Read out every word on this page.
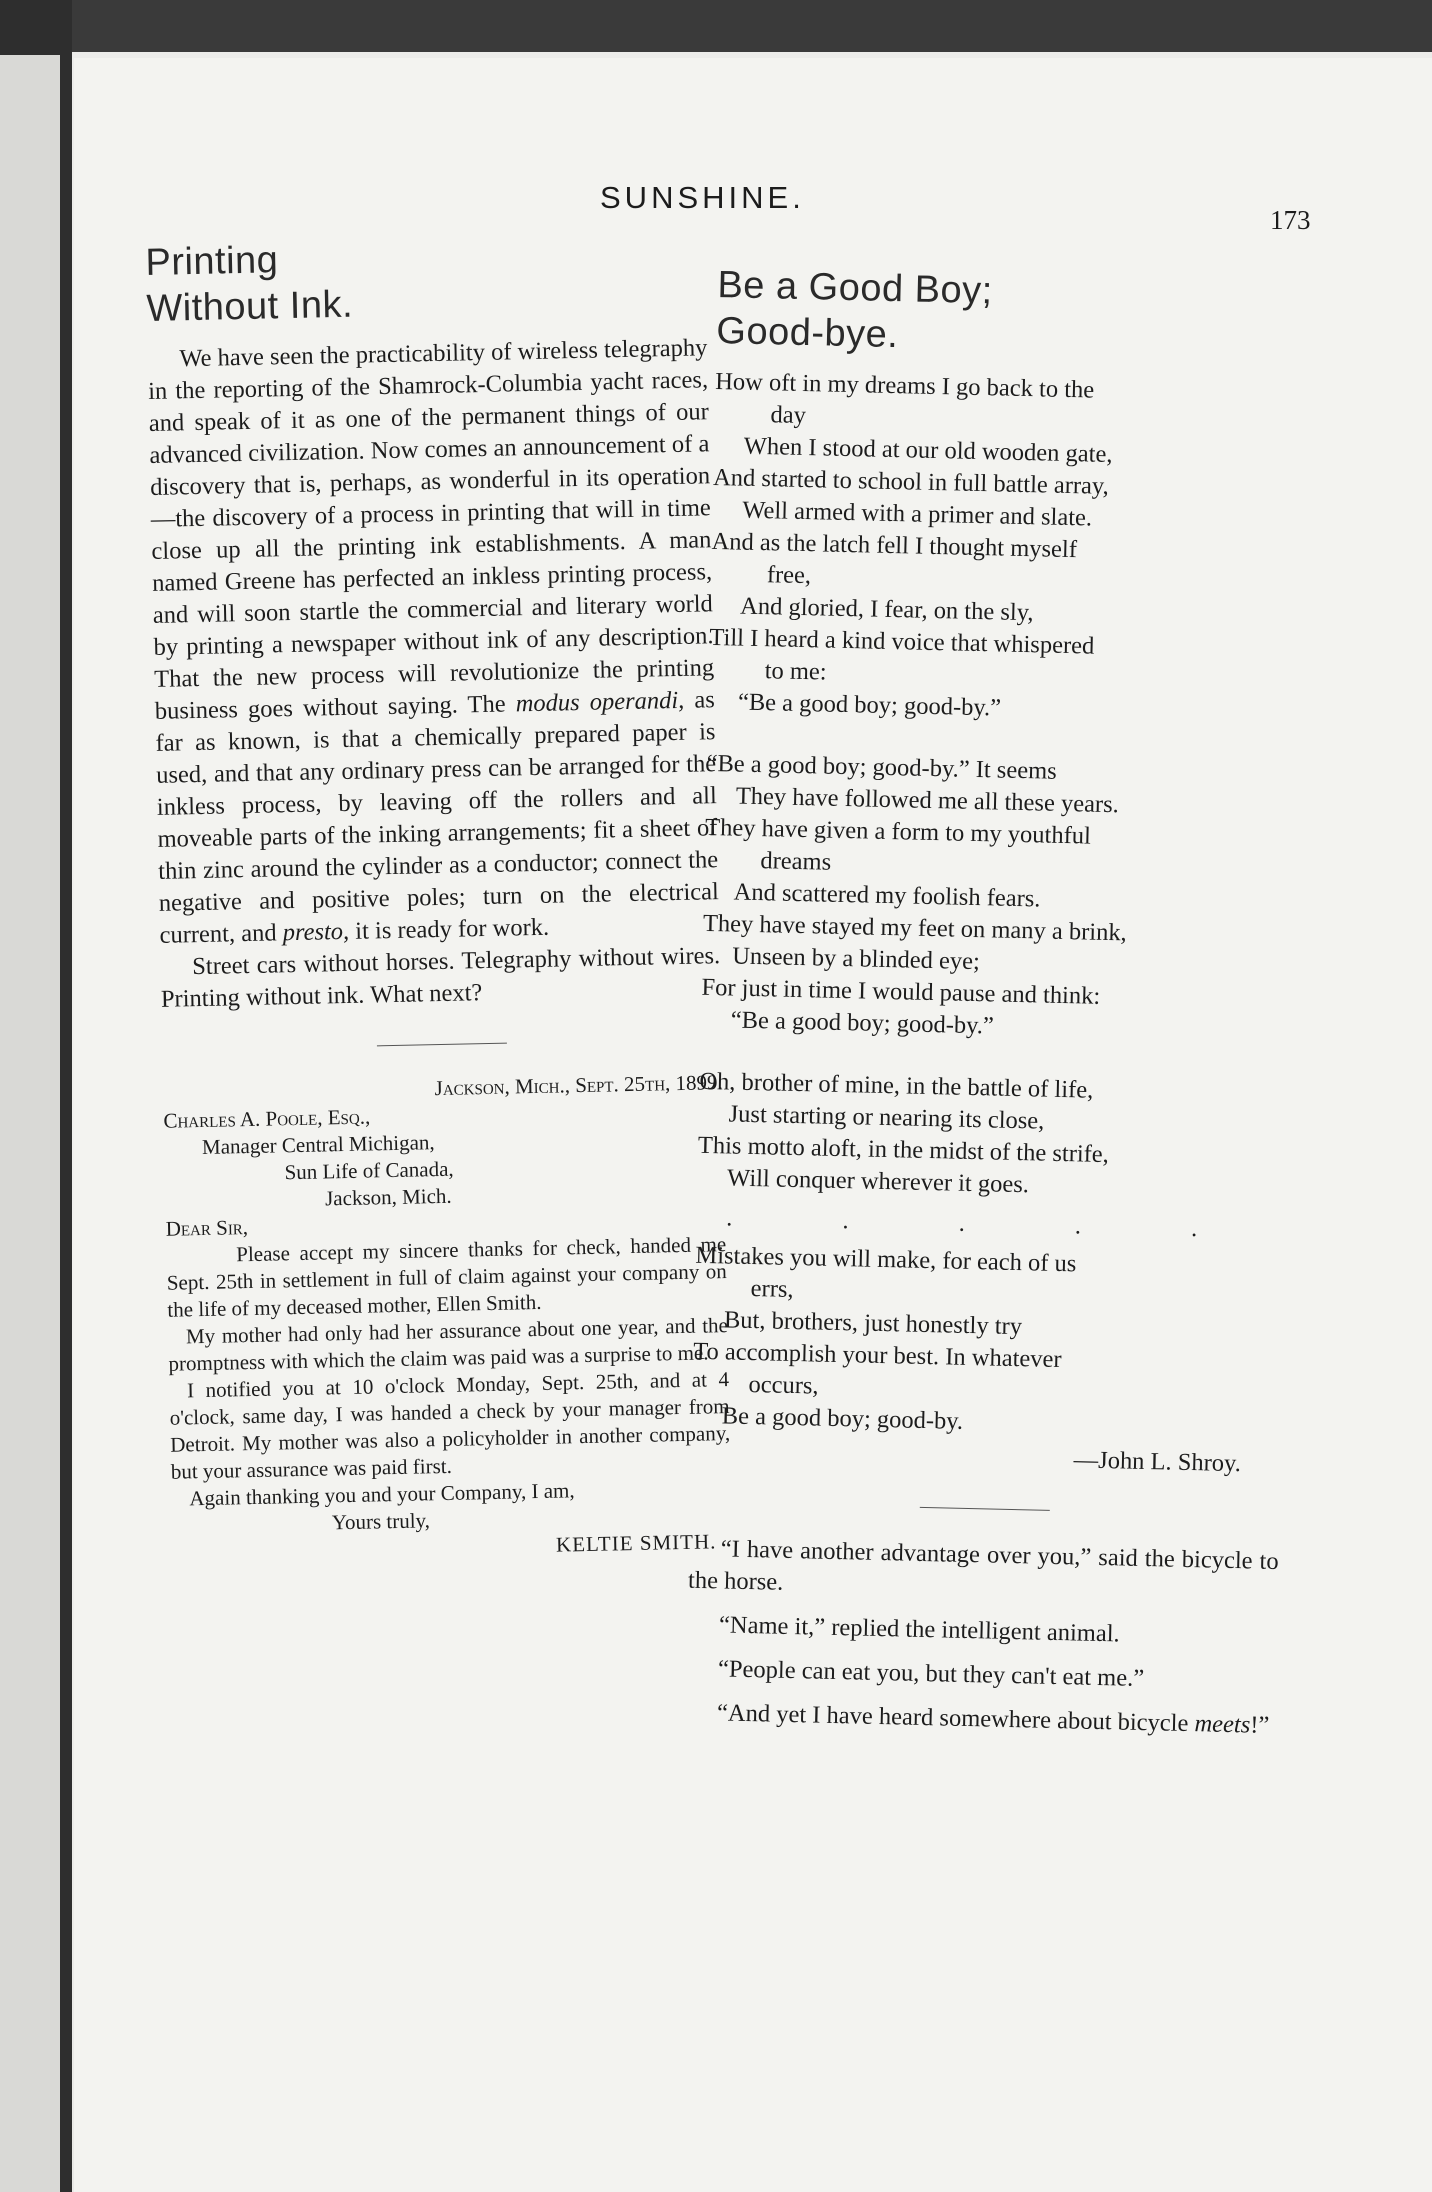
SUNSHINE.
173
Printing
Without Ink.

We have seen the practicability of wireless telegraphy in the reporting of the Shamrock-Columbia yacht races, and speak of it as one of the permanent things of our advanced civilization. Now comes an announcement of a discovery that is, perhaps, as wonderful in its operation—the discovery of a process in printing that will in time close up all the printing ink establishments. A man named Greene has perfected an inkless printing process, and will soon startle the commercial and literary world by printing a newspaper without ink of any description. That the new process will revolutionize the printing business goes without saying. The modus operandi, as far as known, is that a chemically prepared paper is used, and that any ordinary press can be arranged for the inkless process, by leaving off the rollers and all moveable parts of the inking arrangements; fit a sheet of thin zinc around the cylinder as a conductor; connect the negative and positive poles; turn on the electrical current, and presto, it is ready for work.

Street cars without horses. Telegraphy without wires. Printing without ink. What next?

Jackson, Mich., Sept. 25th, 1899.

Charles A. Poole, Esq.,

Manager Central Michigan,

Sun Life of Canada,

Jackson, Mich.

Dear Sir,

Please accept my sincere thanks for check, handed me Sept. 25th in settlement in full of claim against your company on the life of my deceased mother, Ellen Smith.

My mother had only had her assurance about one year, and the promptness with which the claim was paid was a surprise to me.

I notified you at 10 o'clock Monday, Sept. 25th, and at 4 o'clock, same day, I was handed a check by your manager from Detroit. My mother was also a policyholder in another company, but your assurance was paid first.

Again thanking you and your Company, I am,

Yours truly,

KELTIE SMITH.

Be a Good Boy;
Good-bye.

How oft in my dreams I go back to the

day

When I stood at our old wooden gate,

And started to school in full battle array,

Well armed with a primer and slate.

And as the latch fell I thought myself

free,

And gloried, I fear, on the sly,

Till I heard a kind voice that whispered

to me:

“Be a good boy; good-by.”

“Be a good boy; good-by.” It seems

They have followed me all these years.

They have given a form to my youthful

dreams

And scattered my foolish fears.

They have stayed my feet on many a brink,

Unseen by a blinded eye;

For just in time I would pause and think:

“Be a good boy; good-by.”

Oh, brother of mine, in the battle of life,

Just starting or nearing its close,

This motto aloft, in the midst of the strife,

Will conquer wherever it goes.

. . . . .

Mistakes you will make, for each of us

errs,

But, brothers, just honestly try

To accomplish your best. In whatever

occurs,

Be a good boy; good-by.

—John L. Shroy.

“I have another advantage over you,” said the bicycle to the horse.

“Name it,” replied the intelligent animal.

“People can eat you, but they can't eat me.”

“And yet I have heard somewhere about bicycle meets!”
